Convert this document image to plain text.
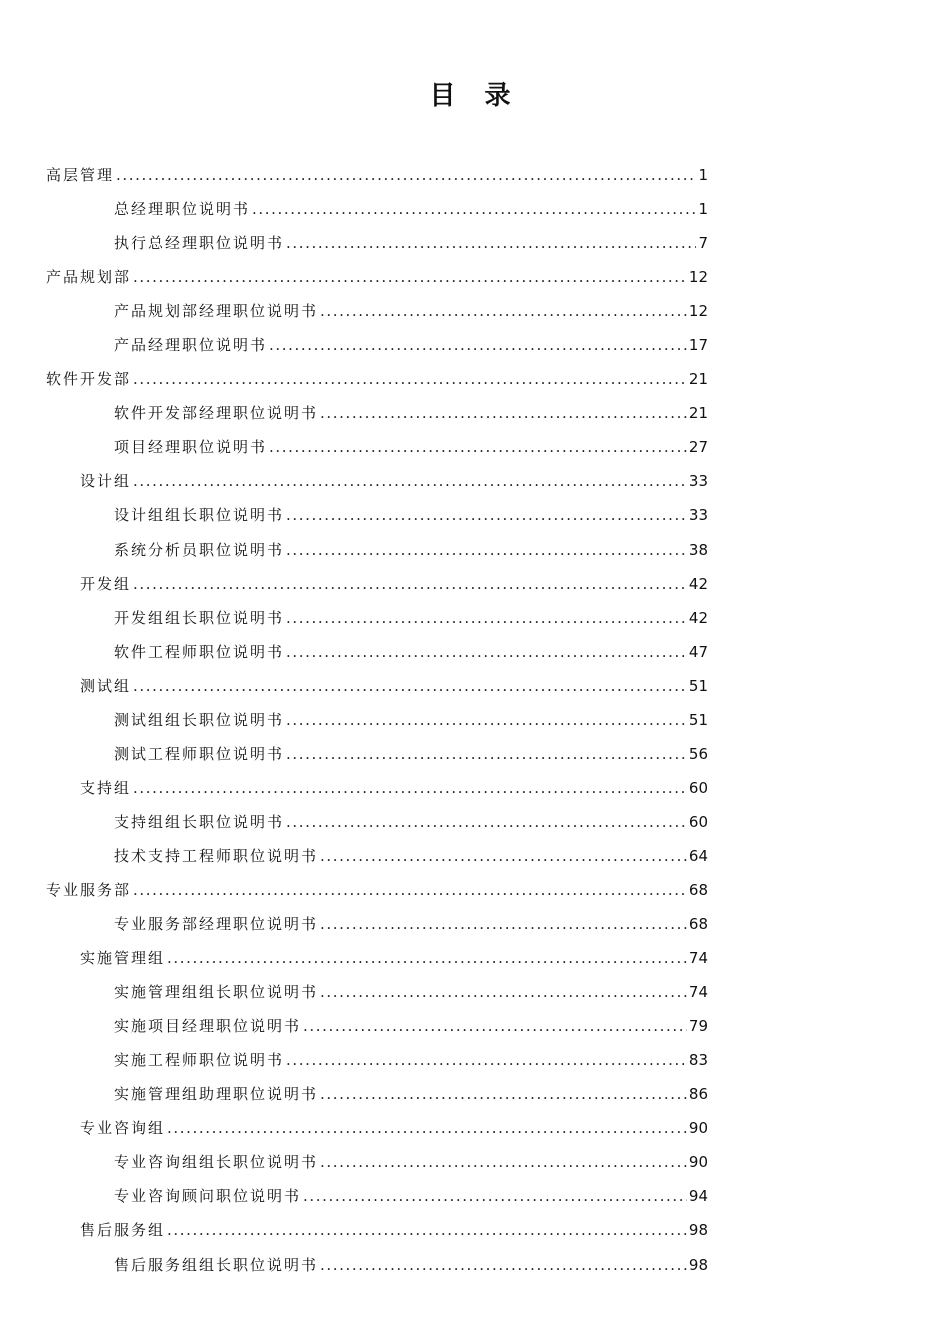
目 录
高层管理 .....	1
总经理职位说明书 .....	1
执行总经理职位说明书 .....	7
产品规划部 .....	12
产品规划部经理职位说明书 .....	12
产品经理职位说明书 .....	17
软件开发部 .....	21
软件开发部经理职位说明书 .....	21
项目经理职位说明书 .....	27
设计组 .....	33
设计组组长职位说明书 .....	33
系统分析员职位说明书 .....	38
开发组 .....	42
开发组组长职位说明书 .....	42
软件工程师职位说明书 .....	47
测试组 .....	51
测试组组长职位说明书 .....	51
测试工程师职位说明书 .....	56
支持组 .....	60
支持组组长职位说明书 .....	60
技术支持工程师职位说明书 .....	64
专业服务部 .....	68
专业服务部经理职位说明书 .....	68
实施管理组 .....	74
实施管理组组长职位说明书 .....	74
实施项目经理职位说明书 .....	79
实施工程师职位说明书 .....	83
实施管理组助理职位说明书 .....	86
专业咨询组 .....	90
专业咨询组组长职位说明书 .....	90
专业咨询顾问职位说明书 .....	94
售后服务组 .....	98
售后服务组组长职位说明书 .....	98
